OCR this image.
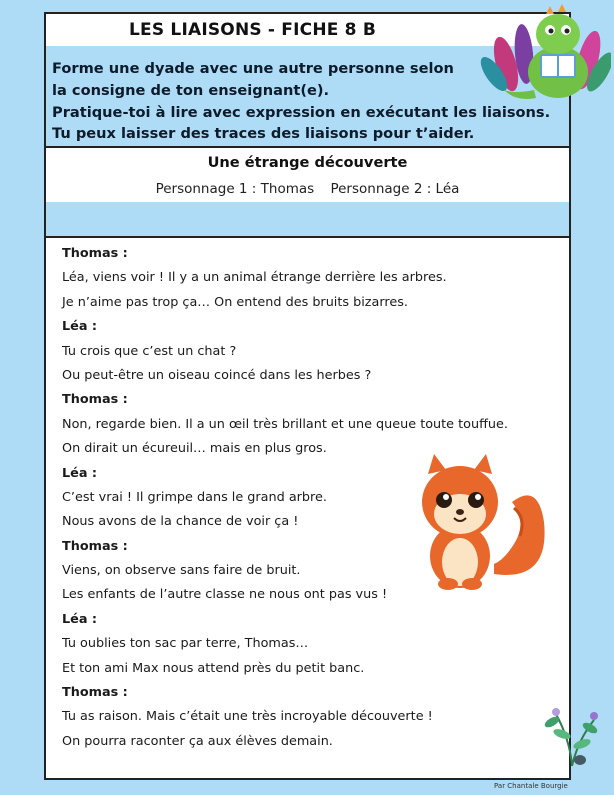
LES LIAISONS - FICHE 8 B
Forme une dyade avec une autre personne selon
la consigne de ton enseignant(e).
Pratique-toi à lire avec expression en exécutant les liaisons.
Tu peux laisser des traces des liaisons pour t’aider.
Une étrange découverte
Personnage 1 : Thomas Personnage 2 : Léa
Thomas :
Léa, viens voir ! Il y a un animal étrange derrière les arbres.
Je n’aime pas trop ça… On entend des bruits bizarres.
Léa :
Tu crois que c’est un chat ?
Ou peut-être un oiseau coincé dans les herbes ?
Thomas :
Non, regarde bien. Il a un œil très brillant et une queue toute touffue.
On dirait un écureuil… mais en plus gros.
Léa :
C’est vrai ! Il grimpe dans le grand arbre.
Nous avons de la chance de voir ça !
Thomas :
Viens, on observe sans faire de bruit.
Les enfants de l’autre classe ne nous ont pas vus !
Léa :
Tu oublies ton sac par terre, Thomas…
Et ton ami Max nous attend près du petit banc.
Thomas :
Tu as raison. Mais c’était une très incroyable découverte !
On pourra raconter ça aux élèves demain.
Par Chantale Bourgie
